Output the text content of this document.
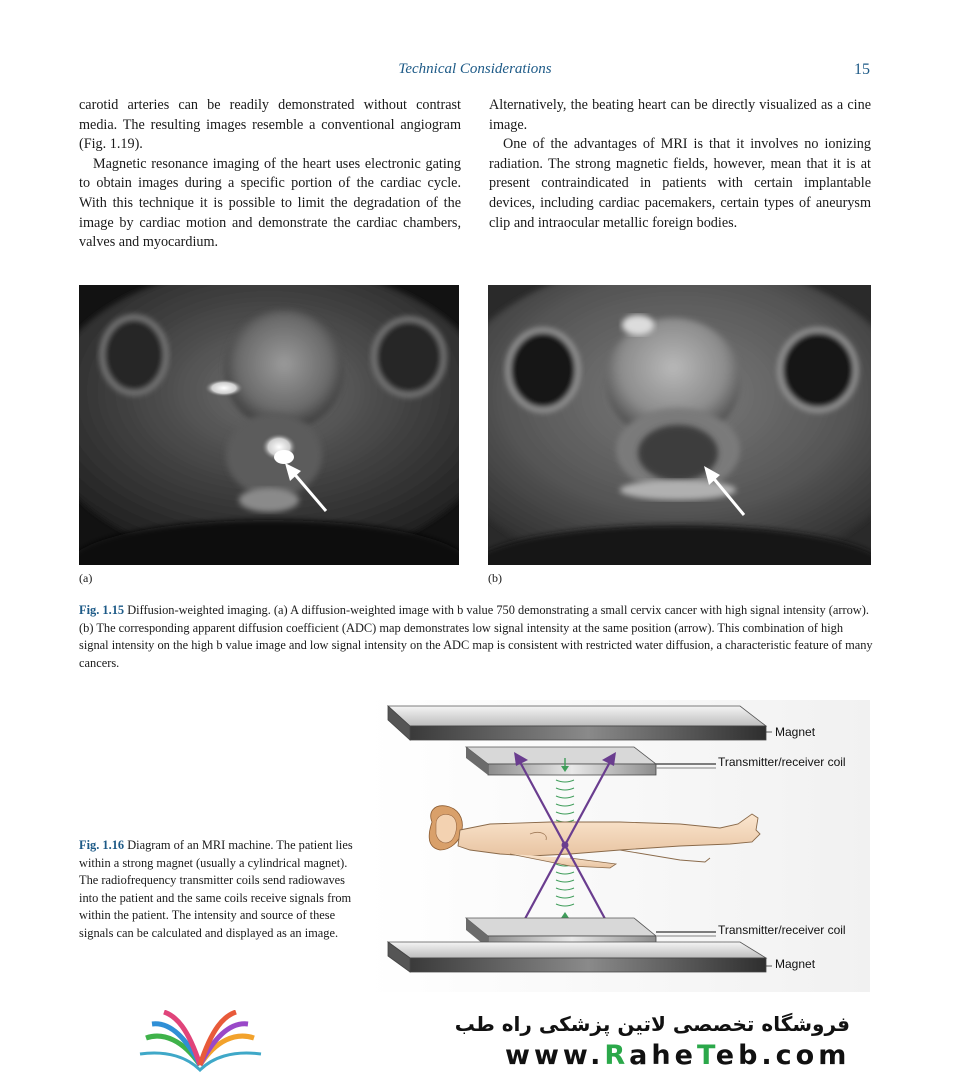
Technical Considerations	15

carotid arteries can be readily demonstrated without contrast media. The resulting images resemble a conventional angiogram (Fig. 1.19).

Magnetic resonance imaging of the heart uses electronic gating to obtain images during a specific portion of the cardiac cycle. With this technique it is possible to limit the degradation of the image by cardiac motion and demonstrate the cardiac chambers, valves and myocardium.

Alternatively, the beating heart can be directly visualized as a cine image.

One of the advantages of MRI is that it involves no ionizing radiation. The strong magnetic fields, however, mean that it is at present contraindicated in patients with certain implantable devices, including cardiac pacemakers, certain types of aneurysm clip and intraocular metallic foreign bodies.

(a)	(b)
Fig. 1.15 Diffusion-weighted imaging. (a) A diffusion-weighted image with b value 750 demonstrating a small cervix cancer with high signal intensity (arrow). (b) The corresponding apparent diffusion coefficient (ADC) map demonstrates low signal intensity at the same position (arrow). This combination of high signal intensity on the high b value image and low signal intensity on the ADC map is consistent with restricted water diffusion, a characteristic feature of many cancers.
Fig. 1.16 Diagram of an MRI machine. The patient lies within a strong magnet (usually a cylindrical magnet). The radiofrequency transmitter coils send radiowaves into the patient and the same coils receive signals from within the patient. The intensity and source of these signals can be calculated and displayed as an image.
Magnet
Transmitter/receiver coil
Transmitter/receiver coil
Magnet
فروشگاه تخصصی لاتین پزشکی راه طب
www.RaheTeb.com
